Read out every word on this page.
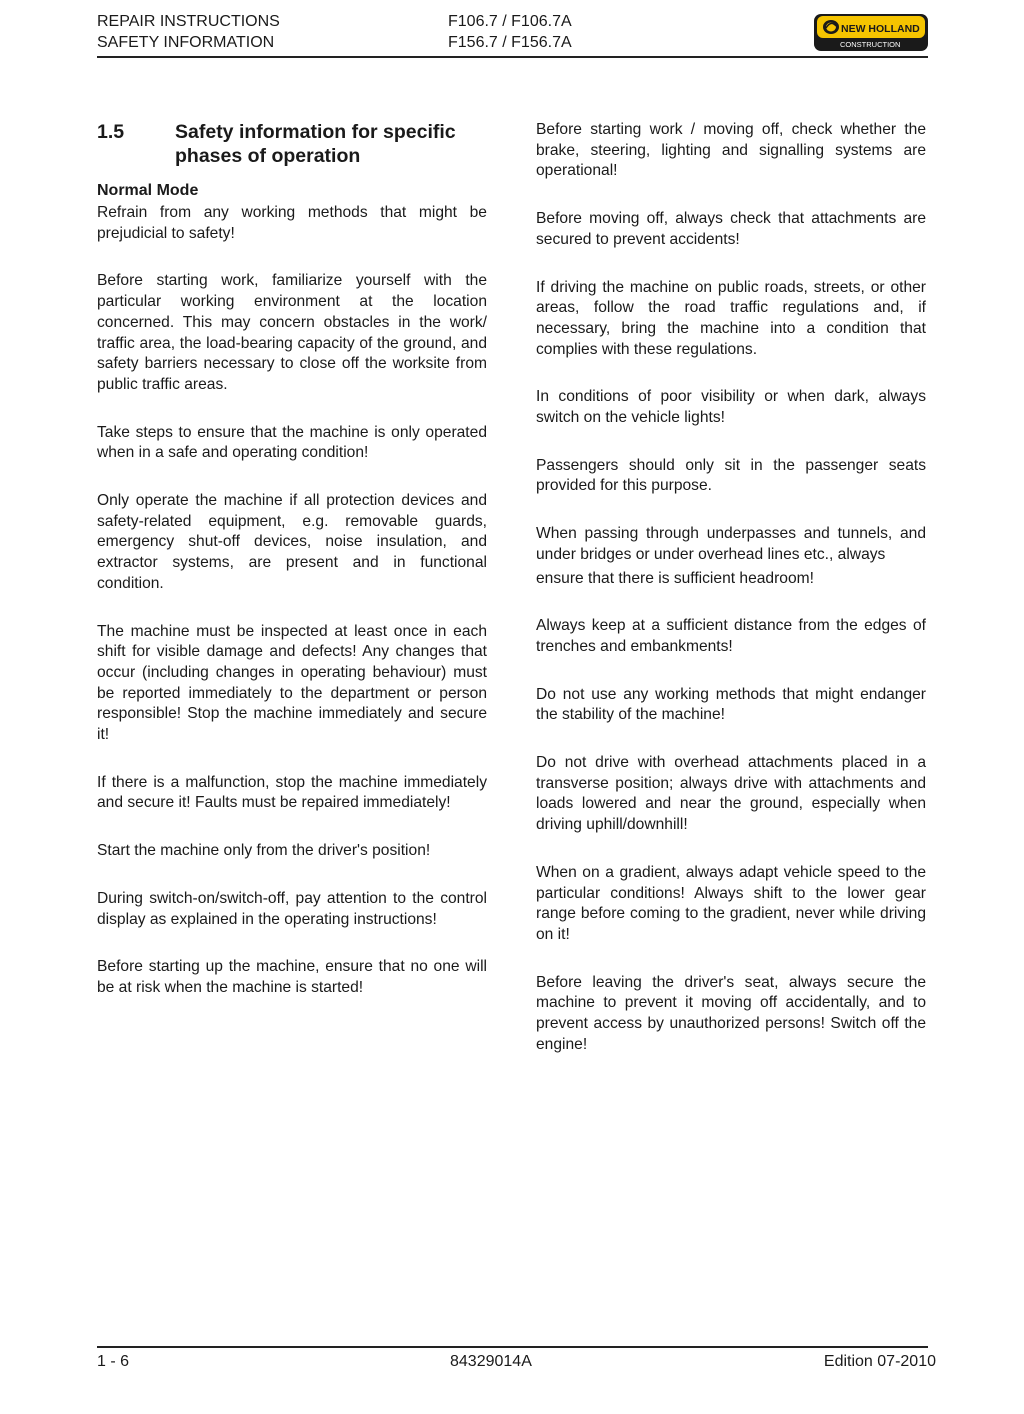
REPAIR INSTRUCTIONS
SAFETY INFORMATION
F106.7 / F106.7A
F156.7 / F156.7A
NEW HOLLAND
CONSTRUCTION
1.5	Safety information for specific phases of operation
Normal Mode

Refrain from any working methods that might be prejudicial to safety!

Before starting work, familiarize yourself with the particular working environment at the location concerned. This may concern obstacles in the work/ traffic area, the load-bearing capacity of the ground, and safety barriers necessary to close off the worksite from public traffic areas.

Take steps to ensure that the machine is only operated when in a safe and operating condition!

Only operate the machine if all protection devices and safety-related equipment, e.g. removable guards, emergency shut-off devices, noise insulation, and extractor systems, are present and in functional condition.

The machine must be inspected at least once in each shift for visible damage and defects! Any changes that occur (including changes in operating behaviour) must be reported immediately to the department or person responsible! Stop the machine immediately and secure it!

If there is a malfunction, stop the machine immediately and secure it! Faults must be repaired immediately!

Start the machine only from the driver's position!

During switch-on/switch-off, pay attention to the control display as explained in the operating instructions!

Before starting up the machine, ensure that no one will be at risk when the machine is started!

Before starting work / moving off, check whether the brake, steering, lighting and signalling systems are operational!

Before moving off, always check that attachments are secured to prevent accidents!

If driving the machine on public roads, streets, or other areas, follow the road traffic regulations and, if necessary, bring the machine into a condition that complies with these regulations.

In conditions of poor visibility or when dark, always switch on the vehicle lights!

Passengers should only sit in the passenger seats provided for this purpose.

When passing through underpasses and tunnels, and under bridges or under overhead lines etc., always

ensure that there is sufficient headroom!

Always keep at a sufficient distance from the edges of trenches and embankments!

Do not use any working methods that might endanger the stability of the machine!

Do not drive with overhead attachments placed in a transverse position; always drive with attachments and loads lowered and near the ground, especially when driving uphill/downhill!

When on a gradient, always adapt vehicle speed to the particular conditions! Always shift to the lower gear range before coming to the gradient, never while driving on it!

Before leaving the driver's seat, always secure the machine to prevent it moving off accidentally, and to prevent access by unauthorized persons! Switch off the engine!

1 - 6	84329014A	Edition 07-2010
